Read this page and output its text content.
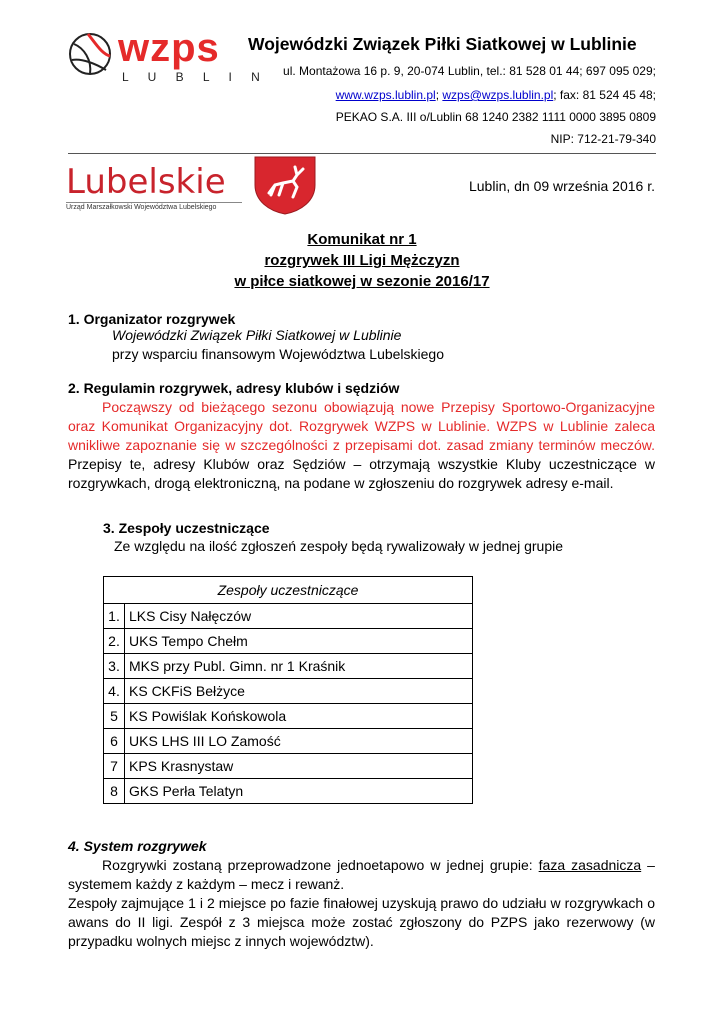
wzps
L U B L I N
Wojewódzki Związek Piłki Siatkowej w Lublinie
ul. Montażowa 16 p. 9, 20-074 Lublin, tel.: 81 528 01 44; 697 095 029;
www.wzps.lublin.pl; wzps@wzps.lublin.pl; fax: 81 524 45 48;
PEKAO S.A. III o/Lublin 68 1240 2382 1111 0000 3895 0809
NIP: 712-21-79-340
Lubelskie
Urząd Marszałkowski Województwa Lubelskiego
Lublin, dn 09 września 2016 r.
Komunikat nr 1
rozgrywek III Ligi Mężczyzn
w piłce siatkowej w sezonie 2016/17
1. Organizator rozgrywek
Wojewódzki Związek Piłki Siatkowej w Lublinie
przy wsparciu finansowym Województwa Lubelskiego
2. Regulamin rozgrywek, adresy klubów i sędziów
Począwszy od bieżącego sezonu obowiązują nowe Przepisy Sportowo-Organizacyjne oraz Komunikat Organizacyjny dot. Rozgrywek WZPS w Lublinie. WZPS w Lublinie zaleca wnikliwe zapoznanie się w szczególności z przepisami dot. zasad zmiany terminów meczów. Przepisy te, adresy Klubów oraz Sędziów – otrzymają wszystkie Kluby uczestniczące w rozgrywkach, drogą elektroniczną, na podane w zgłoszeniu do rozgrywek adresy e-mail.
3. Zespoły uczestniczące
Ze względu na ilość zgłoszeń zespoły będą rywalizowały w jednej grupie
Zespoły uczestniczące	
1.	LKS Cisy Nałęczów
2.	UKS Tempo Chełm
3.	MKS przy Publ. Gimn. nr 1 Kraśnik
4.	KS CKFiS Bełżyce
5	KS Powiślak Końskowola
6	UKS LHS III LO Zamość
7	KPS Krasnystaw
8	GKS Perła Telatyn
4. System rozgrywek
Rozgrywki zostaną przeprowadzone jednoetapowo w jednej grupie: faza zasadnicza – systemem każdy z każdym – mecz i rewanż.
Zespoły zajmujące 1 i 2 miejsce po fazie finałowej uzyskują prawo do udziału w rozgrywkach o awans do II ligi. Zespół z 3 miejsca może zostać zgłoszony do PZPS jako rezerwowy (w przypadku wolnych miejsc z innych województw).
